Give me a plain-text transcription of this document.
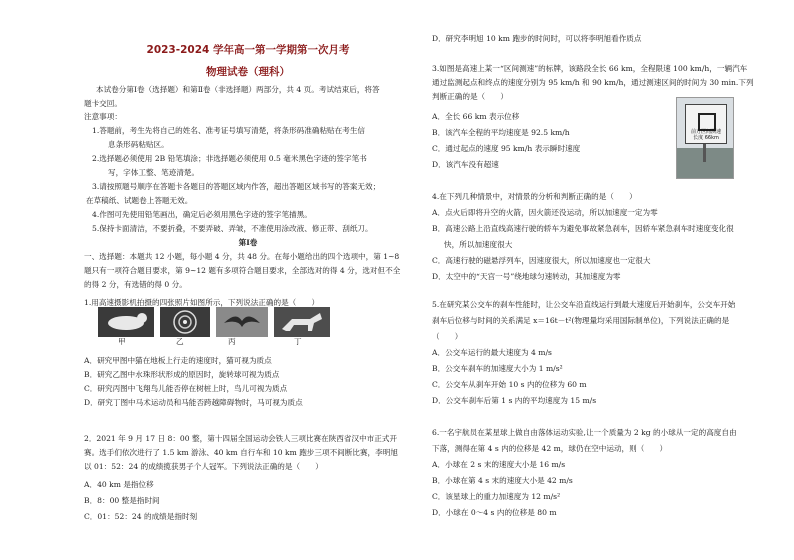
2023-2024 学年高一第一学期第一次月考
物理试卷（理科）
本试卷分第Ⅰ卷（选择题）和第Ⅱ卷（非选择题）两部分，共 4 页。考试结束后，将答
题卡交回。
注意事项：
1.答题前，考生先将自己的姓名、准考证号填写清楚，将条形码准确粘贴在考生信
息条形码粘贴区。
2.选择题必须使用 2B 铅笔填涂；非选择题必须使用 0.5 毫米黑色字迹的签字笔书
写，字体工整、笔迹清楚。
3.请按照题号顺序在答题卡各题目的答题区域内作答，超出答题区域书写的答案无效；
在草稿纸、试题卷上答题无效。
4.作图可先使用铅笔画出，确定后必须用黑色字迹的签字笔描黑。
5.保持卡面清洁，不要折叠，不要弄破、弄皱，不准使用涂改液、修正带、刮纸刀。
第Ⅰ卷
一、选择题：本题共 12 小题，每小题 4 分，共 48 分。在每小题给出的四个选项中，第 1~8
题只有一项符合题目要求，第 9~12 题有多项符合题目要求，全部选对的得 4 分，选对但不全
的得 2 分，有选错的得 0 分。
1.用高速摄影机拍摄的四张照片如图所示，下列说法正确的是（　　）
甲	乙	丙	丁
A．研究甲图中猫在地板上行走的速度时，猫可视为质点
B．研究乙图中水珠形状形成的原因时，旋转球可视为质点
C．研究丙图中飞翔鸟儿能否停在树桩上时，鸟儿可视为质点
D．研究丁图中马术运动员和马能否跨越障碍物时，马可视为质点
2．2021 年 9 月 17 日 8：00 整，第十四届全国运动会铁人三项比赛在陕西省汉中市正式开
赛。选手们依次进行了 1.5 km 游泳、40 km 自行车和 10 km 跑步三项不间断比赛，李明旭
以 01：52：24 的成绩揽获男子个人冠军。下列说法正确的是（　　）
A．40 km 是指位移
B．8：00 整是指时间
C．01：52：24 的成绩是指时刻
D．研究李明旭 10 km 跑步的时间时，可以将李明旭看作质点
3.如图是高速上某一“区间测速”的标牌，该路段全长 66 km，全程限速 100 km/h，一辆汽车
通过监测起点和终点的速度分别为 95 km/h 和 90 km/h，通过测速区间的时间为 30 min.下列
判断正确的是（　　）
前方区间测速
长度 66km
A．全长 66 km 表示位移
B．该汽车全程的平均速度是 92.5 km/h
C．通过起点的速度 95 km/h 表示瞬时速度
D．该汽车没有超速
4.在下列几种情景中，对情景的分析和判断正确的是（　　）
A．点火后即将升空的火箭，因火箭还没运动，所以加速度一定为零
B．高速公路上沿直线高速行驶的轿车为避免事故紧急刹车，因轿车紧急刹车时速度变化很
快，所以加速度很大
C．高速行驶的磁悬浮列车，因速度很大，所以加速度也一定很大
D．太空中的“天宫一号”绕地球匀速转动，其加速度为零
5.在研究某公交车的刹车性能时，让公交车沿直线运行到最大速度后开始刹车，公交车开始
刹车后位移与时间的关系满足 x＝16t－t²(物理量均采用国际制单位)，下列说法正确的是
（　　）
A．公交车运行的最大速度为 4 m/s
B．公交车刹车的加速度大小为 1 m/s²
C．公交车从刹车开始 10 s 内的位移为 60 m
D．公交车刹车后第 1 s 内的平均速度为 15 m/s
6.一名宇航员在某星球上做自由落体运动实验,让一个质量为 2 kg 的小球从一定的高度自由
下落，测得在第 4 s 内的位移是 42 m，球仍在空中运动，则（　　）
A．小球在 2 s 末的速度大小是 16 m/s
B．小球在第 4 s 末的速度大小是 42 m/s
C．该星球上的重力加速度为 12 m/s²
D．小球在 0～4 s 内的位移是 80 m
